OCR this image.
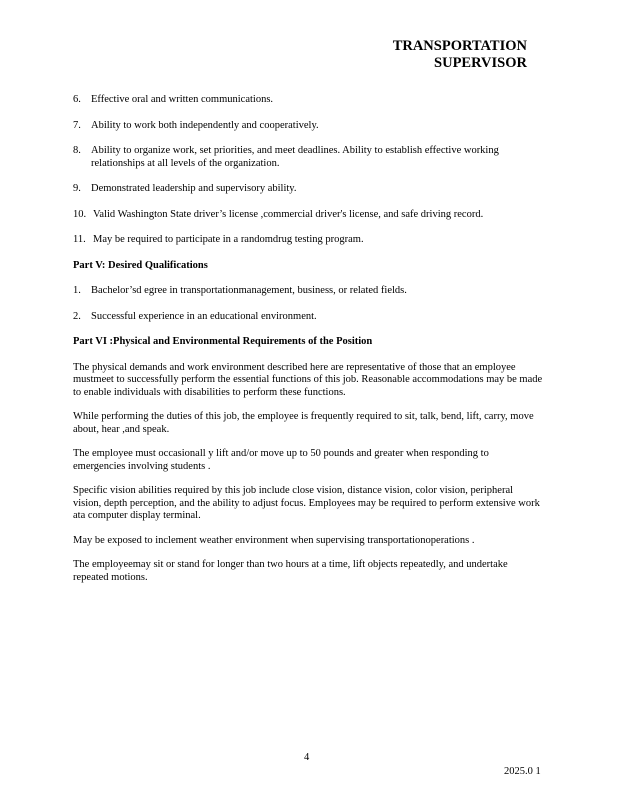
TRANSPORTATION
SUPERVISOR
6. Effective oral and written communications.
7. Ability to work both independently and cooperatively.
8. Ability to organize work, set priorities, and meet deadlines. Ability to establish effective working relationships at all levels of the organization.
9. Demonstrated leadership and supervisory ability.
10. Valid Washington State driver’s license ,commercial driver's license, and safe driving record.
11. May be required to participate in a randomdrug testing program.
Part V: Desired Qualifications
1. Bachelor’sd egree in transportationmanagement, business, or related fields.
2. Successful experience in an educational environment.
Part VI :Physical and Environmental Requirements of the Position
The physical demands and work environment described here are representative of those that an employee mustmeet to successfully perform the essential functions of this job. Reasonable accommodations may be made to enable individuals with disabilities to perform these functions.
While performing the duties of this job, the employee is frequently required to sit, talk, bend, lift, carry, move about, hear ,and speak.
The employee must occasionall y lift and/or move up to 50 pounds and greater when responding to emergencies involving students .
Specific vision abilities required by this job include close vision, distance vision, color vision, peripheral vision, depth perception, and the ability to adjust focus. Employees may be required to perform extensive work ata computer display terminal.
May be exposed to inclement weather environment when supervising transportationoperations .
The employeemay sit or stand for longer than two hours at a time, lift objects repeatedly, and undertake repeated motions.
4
2025.0 1
